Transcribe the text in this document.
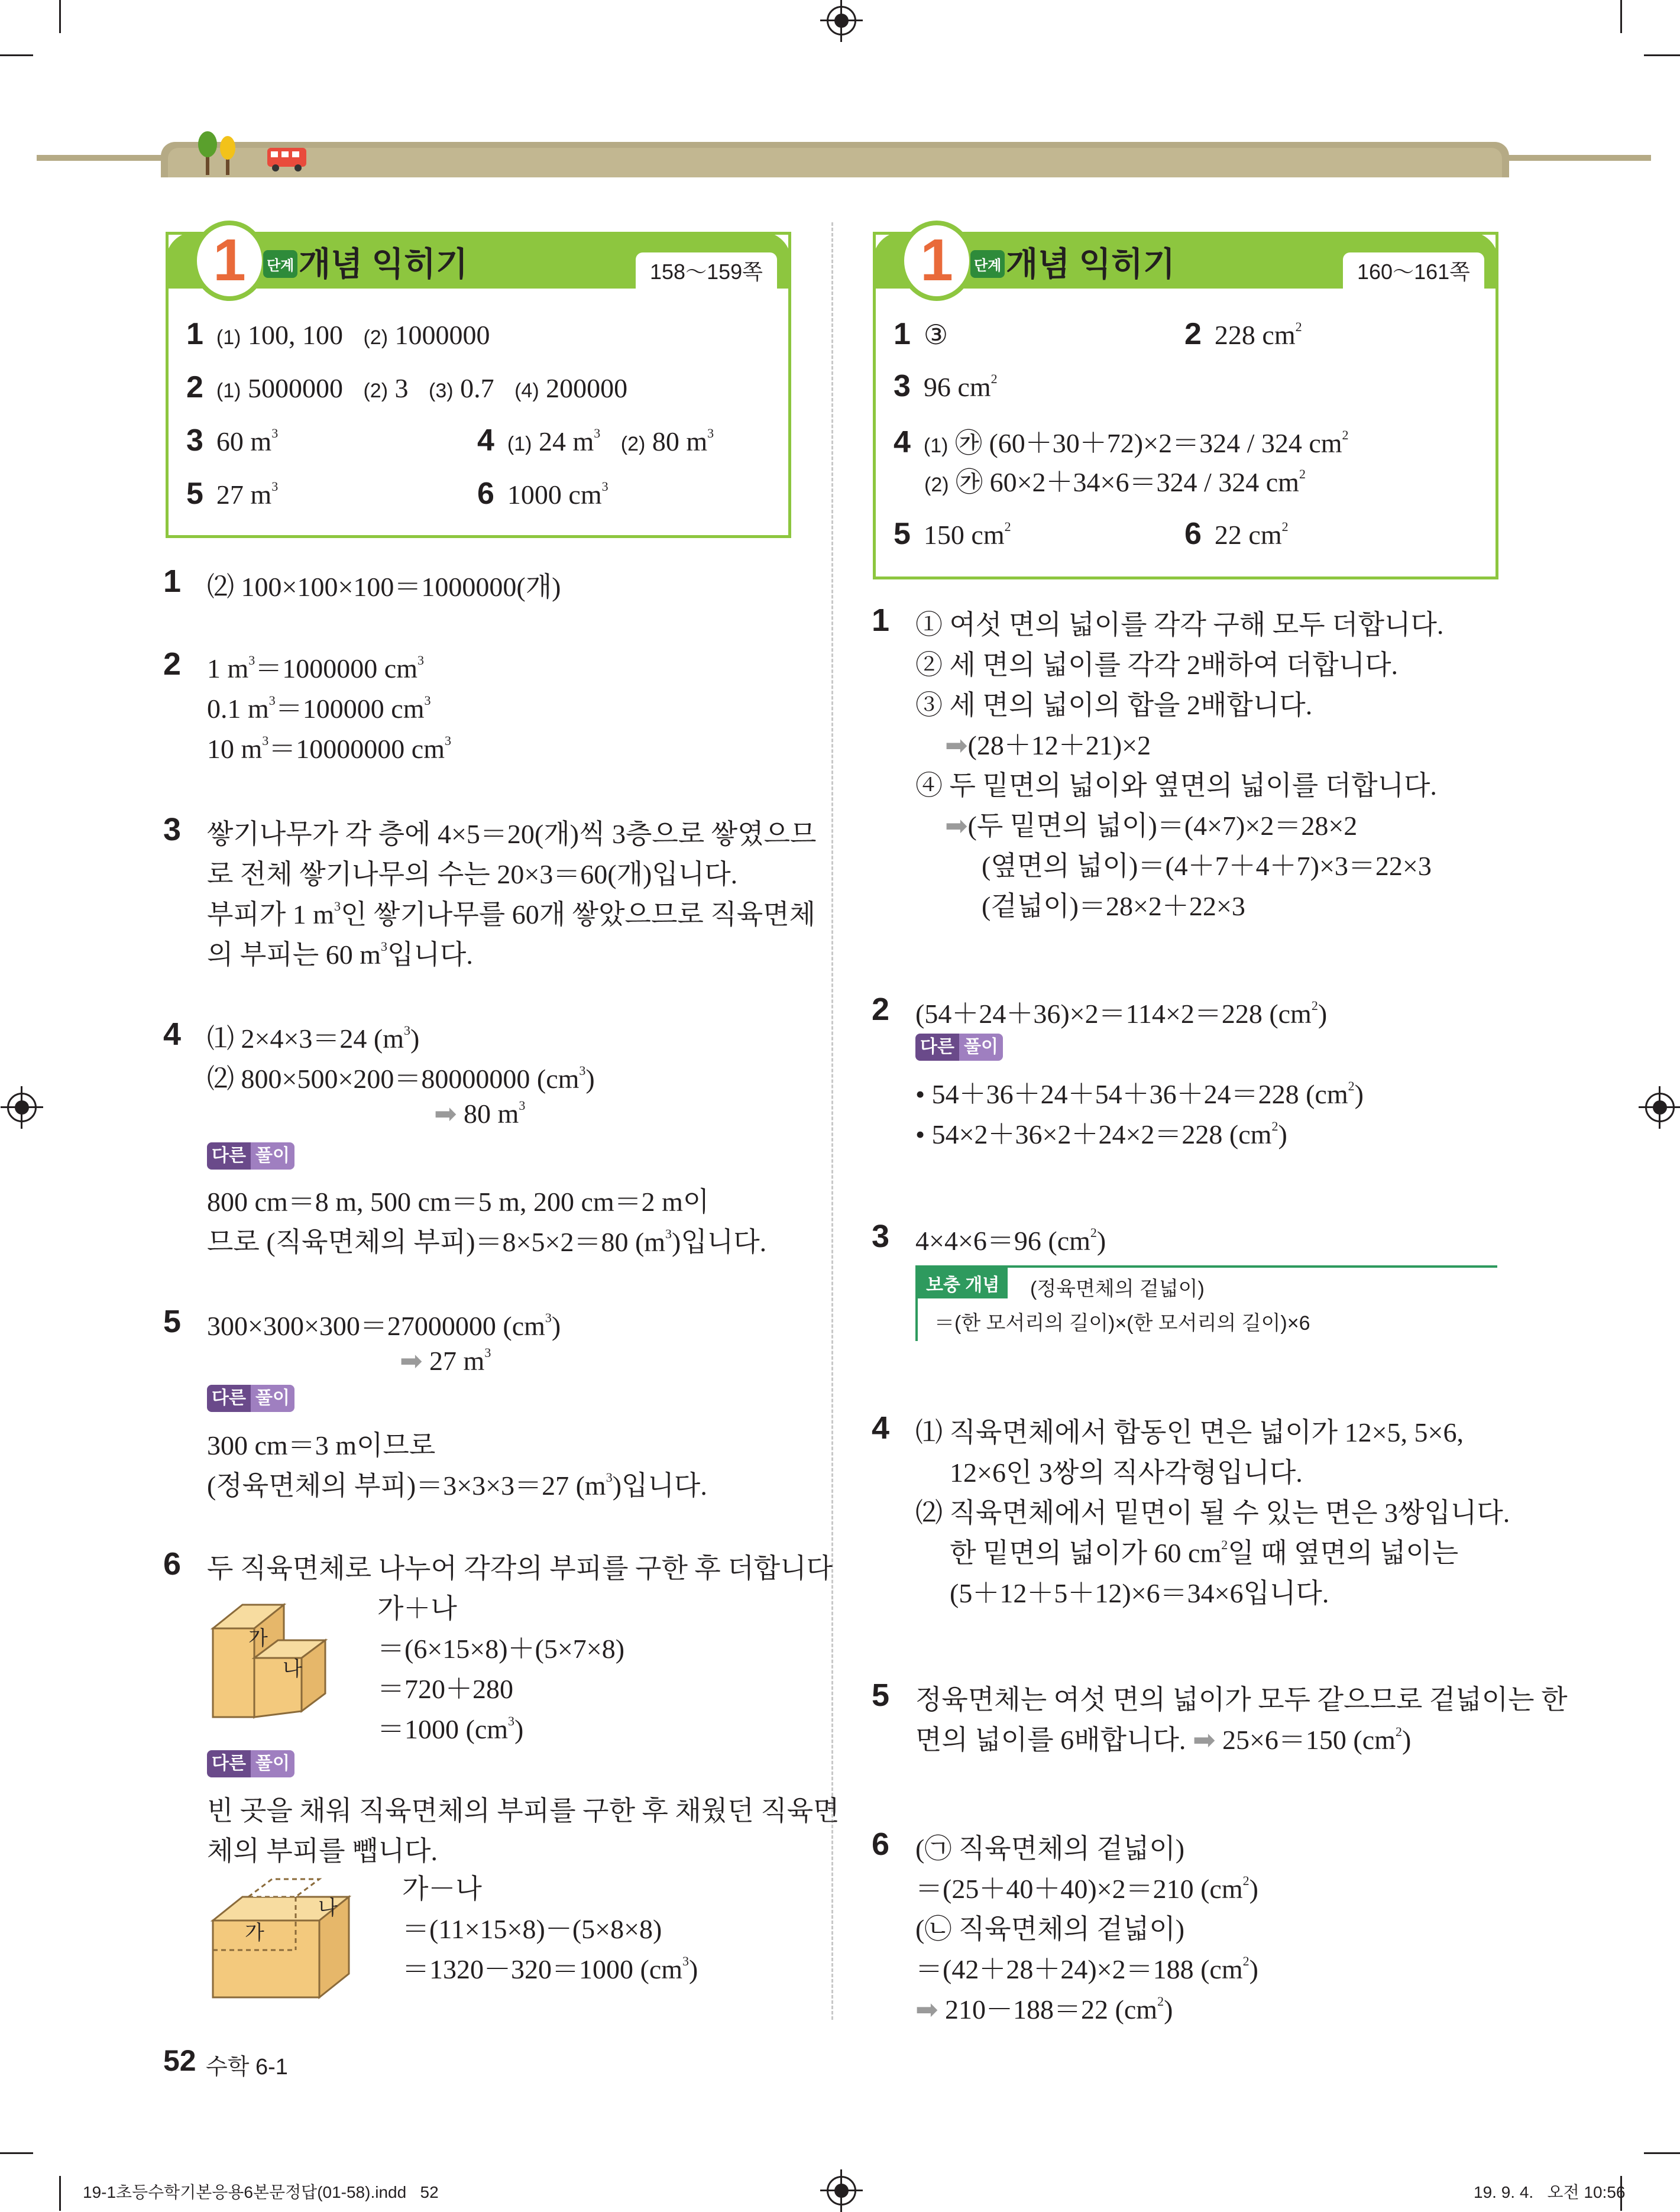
1	단계 개념 익히기	158～159쪽
1 (1) 100, 100 (2) 1000000
2 (1) 5000000 (2) 3 (3) 0.7 (4) 200000
3 60 $m^3$	4 (1) 24 $m^3$ (2) 80 $m^3$
5 27 $m^3$	6 1000 $cm^3$
1	단계 개념 익히기	160～161쪽
1 ③	2 228 $cm^2$
3 96 $cm^2$
4 (1) ㉮ (60＋30＋72)×2＝324 / 324 $cm^2$
(2) ㉮ 60×2＋34×6＝324 / 324 $cm^2$
5 150 $cm^2$	6 22 $cm^2$
1 ⑵ 100×100×100＝1000000(개)
2 1 $m^3=1000000$ $cm^3$
0.1 $m^3=100000$ $cm^3$
10 $m^3=10000000$ $cm^3$
3 쌓기나무가 각 층에 4×5＝20(개)씩 3층으로 쌓였으므
로 전체 쌓기나무의 수는 20×3＝60(개)입니다.
부피가 1 $m^3$인 쌓기나무를 60개 쌓았으므로 직육면체
의 부피는 60 $m^3$입니다.
4 ⑴ 2×4×3＝24 $(m^3)$
⑵ 800×500×200＝80000000 $(cm^3)$
➡ 80 $m^3$
다른 풀이
800 cm＝8 m, 500 cm＝5 m, 200 cm＝2 m이
므로 (직육면체의 부피)＝8×5×2＝80 $(m^3)$입니다.
5 300×300×300＝27000000 $(cm^3)$
➡ 27 $m^3$
다른 풀이
300 cm＝3 m이므로
(정육면체의 부피)＝3×3×3＝27 $(m^3)$입니다.
6 두 직육면체로 나누어 각각의 부피를 구한 후 더합니다
가
나
가＋나
＝(6×15×8)＋(5×7×8)
＝720＋280
＝1000 $(cm^3)$
다른 풀이
빈 곳을 채워 직육면체의 부피를 구한 후 채웠던 직육면
체의 부피를 뺍니다.
가
나
가－나
＝(11×15×8)－(5×8×8)
＝1320－320＝1000 $(cm^3)$
1 ① 여섯 면의 넓이를 각각 구해 모두 더합니다.
② 세 면의 넓이를 각각 2배하여 더합니다.
③ 세 면의 넓이의 합을 2배합니다.
➡(28＋12＋21)×2
④ 두 밑면의 넓이와 옆면의 넓이를 더합니다.
➡(두 밑면의 넓이)＝(4×7)×2＝28×2
(옆면의 넓이)＝(4＋7＋4＋7)×3＝22×3
(겉넓이)＝28×2＋22×3
2 (54＋24＋36)×2＝114×2＝228 $(cm^2)$
다른 풀이
• 54＋36＋24＋54＋36＋24＝228 $(cm^2)$
• 54×2＋36×2＋24×2＝228 $(cm^2)$
3 4×4×6＝96 $(cm^2)$
보충 개념	(정육면체의 겉넓이)
＝(한 모서리의 길이)×(한 모서리의 길이)×6
4 ⑴ 직육면체에서 합동인 면은 넓이가 12×5, 5×6,
12×6인 3쌍의 직사각형입니다.
⑵ 직육면체에서 밑면이 될 수 있는 면은 3쌍입니다.
한 밑면의 넓이가 60 $cm^2$일 때 옆면의 넓이는
(5＋12＋5＋12)×6＝34×6입니다.
5 정육면체는 여섯 면의 넓이가 모두 같으므로 겉넓이는 한
면의 넓이를 6배합니다. ➡ 25×6＝150 $(cm^2)$
6 (㉠ 직육면체의 겉넓이)
＝(25＋40＋40)×2＝210 $(cm^2)$
(㉡ 직육면체의 겉넓이)
＝(42＋28＋24)×2＝188 $(cm^2)$
➡ 210－188＝22 $(cm^2)$
52 수학 6-1
19-1초등수학기본응용6본문정답(01-58).indd   52	19. 9. 4.   오전 10:56
